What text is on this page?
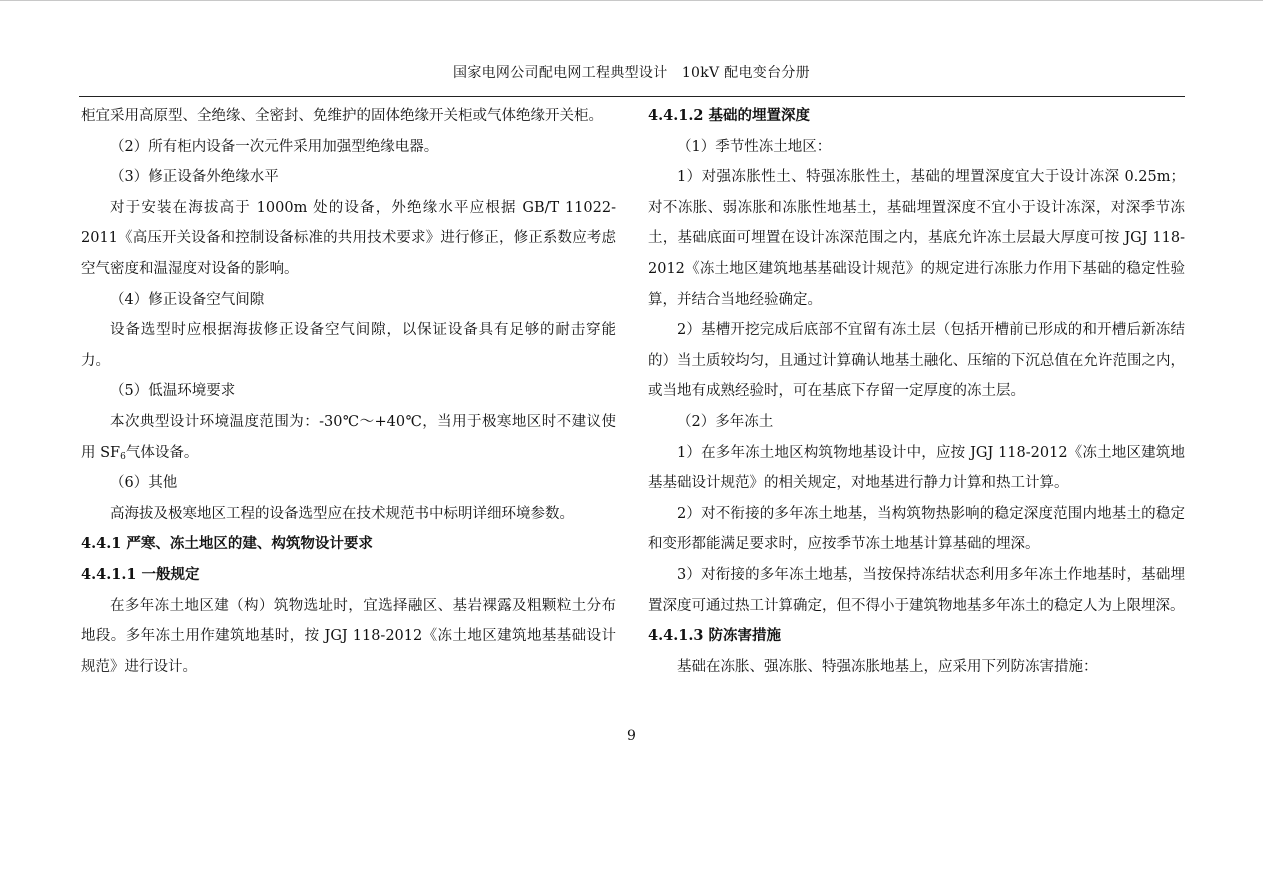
国家电网公司配电网工程典型设计　10kV 配电变台分册

柜宜采用高原型、全绝缘、全密封、免维护的固体绝缘开关柜或气体绝缘开关柜。

（2）所有柜内设备一次元件采用加强型绝缘电器。

（3）修正设备外绝缘水平

对于安装在海拔高于 1000m 处的设备，外绝缘水平应根据 GB/T 11022-2011《高压开关设备和控制设备标准的共用技术要求》进行修正，修正系数应考虑空气密度和温湿度对设备的影响。

（4）修正设备空气间隙

设备选型时应根据海拔修正设备空气间隙，以保证设备具有足够的耐击穿能力。

（5）低温环境要求

本次典型设计环境温度范围为：-30℃～+40℃，当用于极寒地区时不建议使用 $SF_6$气体设备。

（6）其他

高海拔及极寒地区工程的设备选型应在技术规范书中标明详细环境参数。

4.4.1 严寒、冻土地区的建、构筑物设计要求

4.4.1.1 一般规定

在多年冻土地区建（构）筑物选址时，宜选择融区、基岩裸露及粗颗粒土分布地段。多年冻土用作建筑地基时，按 JGJ 118-2012《冻土地区建筑地基基础设计规范》进行设计。

4.4.1.2 基础的埋置深度

（1）季节性冻土地区：

1）对强冻胀性土、特强冻胀性土，基础的埋置深度宜大于设计冻深 0.25m；对不冻胀、弱冻胀和冻胀性地基土，基础埋置深度不宜小于设计冻深，对深季节冻土，基础底面可埋置在设计冻深范围之内，基底允许冻土层最大厚度可按 JGJ 118-2012《冻土地区建筑地基基础设计规范》的规定进行冻胀力作用下基础的稳定性验算，并结合当地经验确定。

2）基槽开挖完成后底部不宜留有冻土层（包括开槽前已形成的和开槽后新冻结的）当土质较均匀，且通过计算确认地基土融化、压缩的下沉总值在允许范围之内，或当地有成熟经验时，可在基底下存留一定厚度的冻土层。

（2）多年冻土

1）在多年冻土地区构筑物地基设计中，应按 JGJ 118-2012《冻土地区建筑地基基础设计规范》的相关规定，对地基进行静力计算和热工计算。

2）对不衔接的多年冻土地基，当构筑物热影响的稳定深度范围内地基土的稳定和变形都能满足要求时，应按季节冻土地基计算基础的埋深。

3）对衔接的多年冻土地基，当按保持冻结状态利用多年冻土作地基时，基础埋置深度可通过热工计算确定，但不得小于建筑物地基多年冻土的稳定人为上限埋深。

4.4.1.3 防冻害措施

基础在冻胀、强冻胀、特强冻胀地基上，应采用下列防冻害措施：

9
